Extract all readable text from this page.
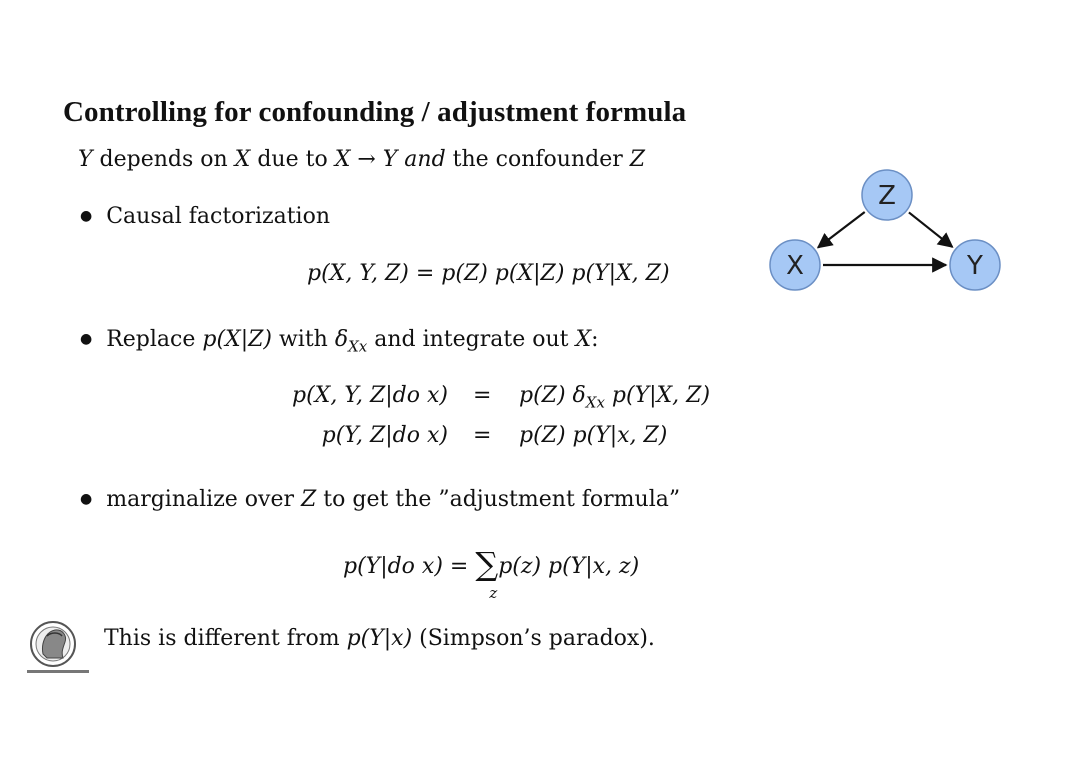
Controlling for confounding / adjustment formula
Y depends on X due to X → Y and the confounder Z
● Causal factorization
p(X, Y, Z) = p(Z) p(X|Z) p(Y|X, Z)
● Replace p(X|Z) with $\delta_{Xx}$ and integrate out X:
p(X, Y, Z|do x) = p(Z) $\delta_{Xx}$ p(Y|X, Z)
p(Y, Z|do x) = p(Z) p(Y|x, Z)
● marginalize over Z to get the ”adjustment formula”
p(Y|do x) = ∑
z
p(z) p(Y|x, z)
This is different from p(Y|x) (Simpson’s paradox).
Z
X	Y
